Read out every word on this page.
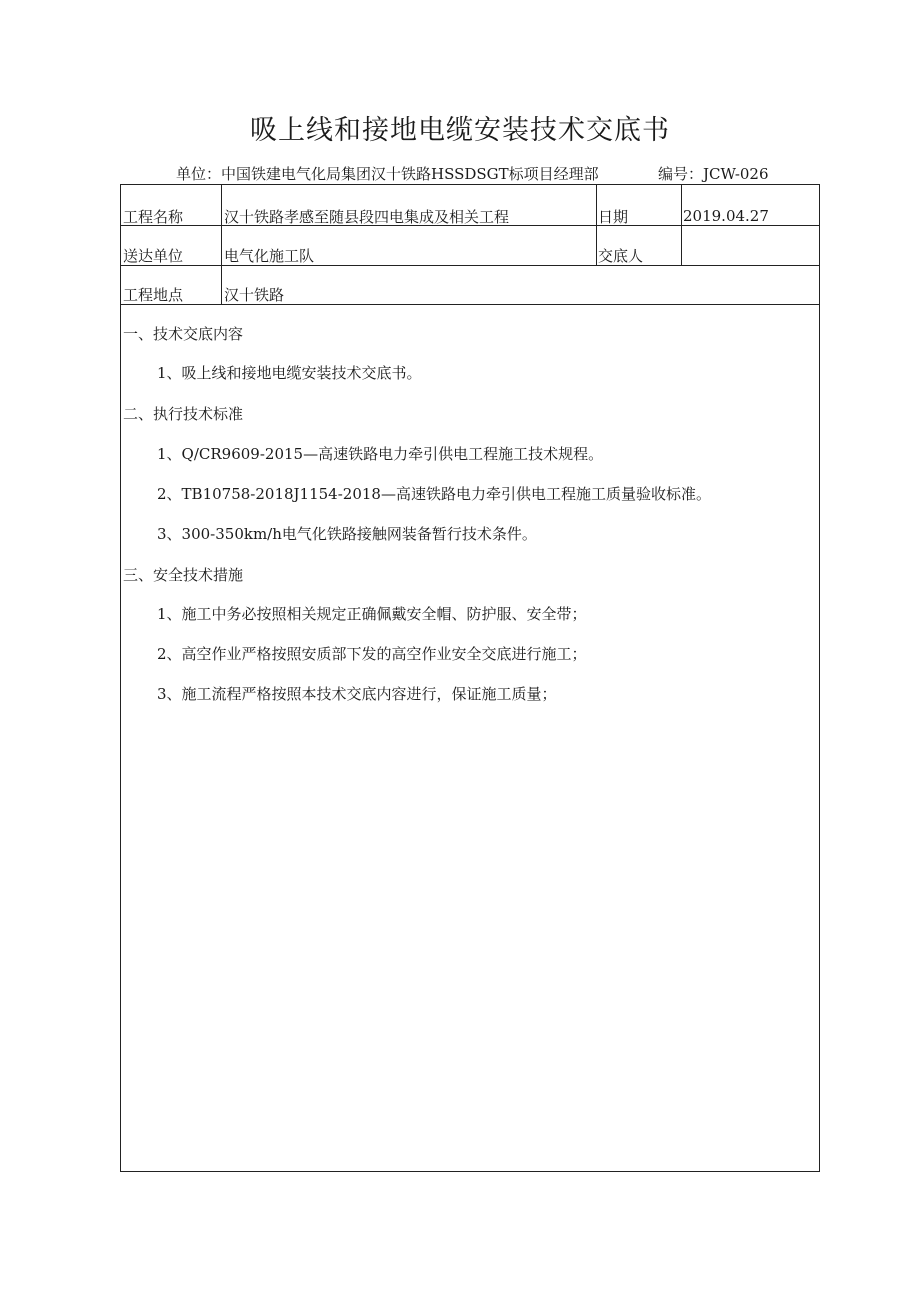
吸上线和接地电缆安装技术交底书
单位：中国铁建电气化局集团汉十铁路HSSDSGT标项目经理部	编号：JCW-026
工程名称	汉十铁路孝感至随县段四电集成及相关工程	日期	2019.04.27
送达单位	电气化施工队	交底人
工程地点	汉十铁路
一、技术交底内容
1、吸上线和接地电缆安装技术交底书。
二、执行技术标准
1、Q/CR9609-2015—高速铁路电力牵引供电工程施工技术规程。
2、TB10758-2018J1154-2018—高速铁路电力牵引供电工程施工质量验收标准。
3、300-350km/h电气化铁路接触网装备暂行技术条件。
三、安全技术措施
1、施工中务必按照相关规定正确佩戴安全帽、防护服、安全带；
2、高空作业严格按照安质部下发的高空作业安全交底进行施工；
3、施工流程严格按照本技术交底内容进行，保证施工质量；
